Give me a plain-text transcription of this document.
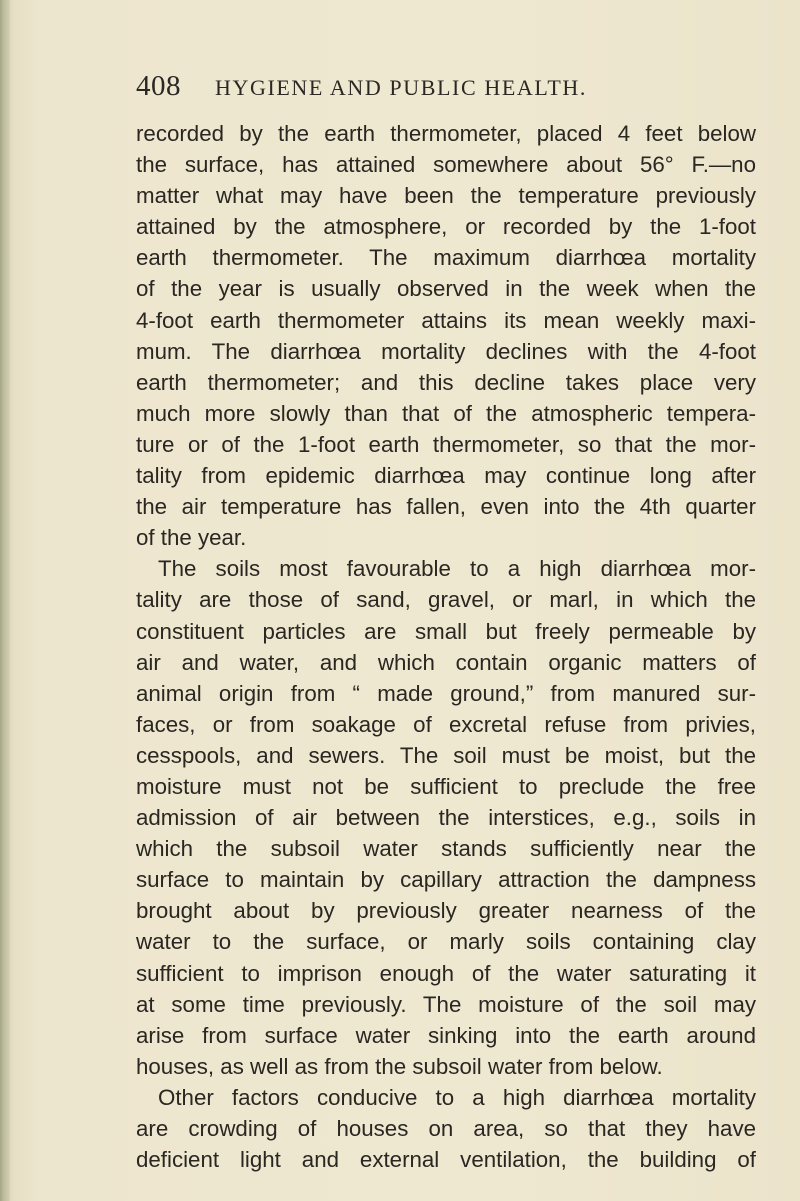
408 HYGIENE AND PUBLIC HEALTH.
recorded by the earth thermometer, placed 4 feet below
the surface, has attained somewhere about 56° F.—no
matter what may have been the temperature previously
attained by the atmosphere, or recorded by the 1-foot
earth thermometer. The maximum diarrhœa mortality
of the year is usually observed in the week when the
4-foot earth thermometer attains its mean weekly maxi-
mum. The diarrhœa mortality declines with the 4-foot
earth thermometer; and this decline takes place very
much more slowly than that of the atmospheric tempera-
ture or of the 1-foot earth thermometer, so that the mor-
tality from epidemic diarrhœa may continue long after
the air temperature has fallen, even into the 4th quarter
of the year.
The soils most favourable to a high diarrhœa mor-
tality are those of sand, gravel, or marl, in which the
constituent particles are small but freely permeable by
air and water, and which contain organic matters of
animal origin from “ made ground,” from manured sur-
faces, or from soakage of excretal refuse from privies,
cesspools, and sewers. The soil must be moist, but the
moisture must not be sufficient to preclude the free
admission of air between the interstices, e.g., soils in
which the subsoil water stands sufficiently near the
surface to maintain by capillary attraction the dampness
brought about by previously greater nearness of the
water to the surface, or marly soils containing clay
sufficient to imprison enough of the water saturating it
at some time previously. The moisture of the soil may
arise from surface water sinking into the earth around
houses, as well as from the subsoil water from below.
Other factors conducive to a high diarrhœa mortality
are crowding of houses on area, so that they have
deficient light and external ventilation, the building of
